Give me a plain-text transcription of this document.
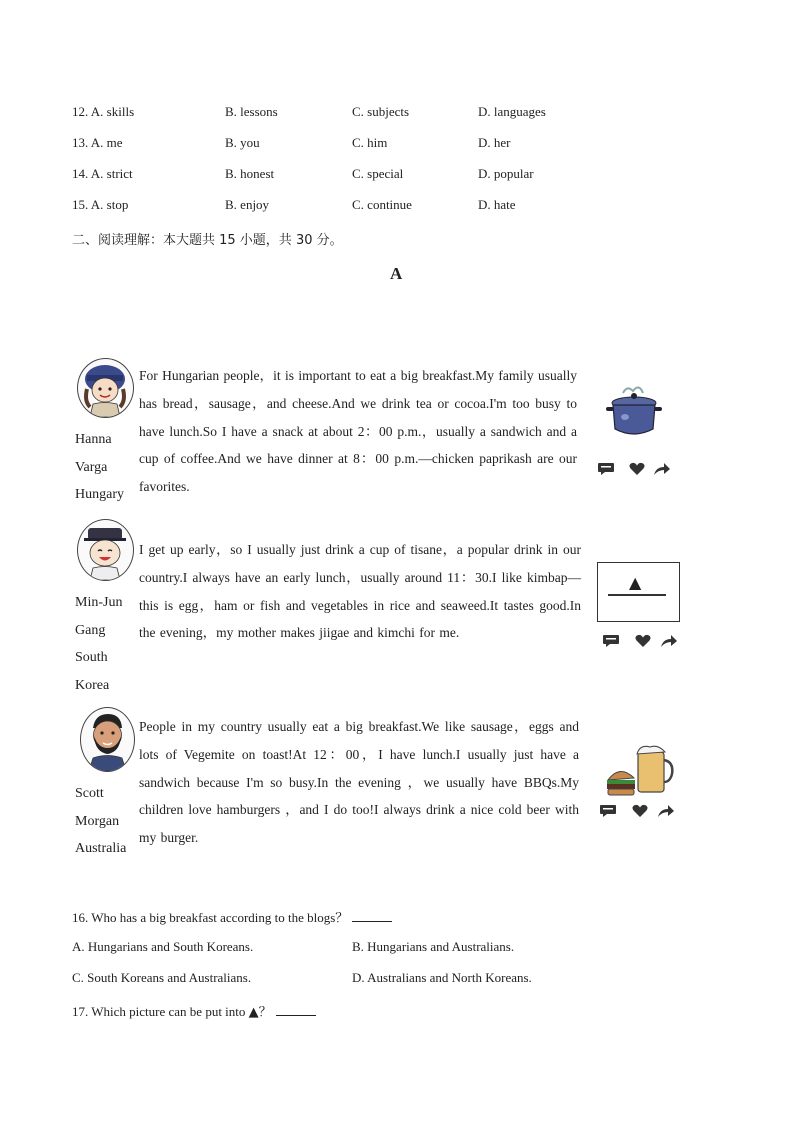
12. A. skills	B. lessons	C. subjects	D. languages
13. A. me	B. you	C. him	D. her
14. A. strict	B. honest	C. special	D. popular
15. A. stop	B. enjoy	C. continue	D. hate
二、阅读理解：本大题共 15 小题，共 30 分。
A
Hanna
Varga
Hungary
For Hungarian people，it is important to eat a big breakfast.My family usually has bread，sausage，and cheese.And we drink tea or cocoa.I'm too busy to have lunch.So I have a snack at about 2：00 p.m.，usually a sandwich and a cup of coffee.And we have dinner at 8：00 p.m.—chicken paprikash are our favorites.
Min-Jun
Gang
South
Korea
I get up early，so I usually just drink a cup of tisane，a popular drink in our country.I always have an early lunch，usually around 11：30.I like kimbap—this is egg，ham or fish and vegetables in rice and seaweed.It tastes good.In the evening，my mother makes jiigae and kimchi for me.
▲
Scott
Morgan
Australia
People in my country usually eat a big breakfast.We like sausage，eggs and lots of Vegemite on toast!At 12：00，I have lunch.I usually just have a sandwich because I'm so busy.In the evening ，we usually have BBQs.My children love hamburgers ，and I do too!I always drink a nice cold beer with my burger.
16. Who has a big breakfast according to the blogs？
A. Hungarians and South Koreans.	B. Hungarians and Australians.
C. South Koreans and Australians.	D. Australians and North Koreans.
17. Which picture can be put into ▲？
